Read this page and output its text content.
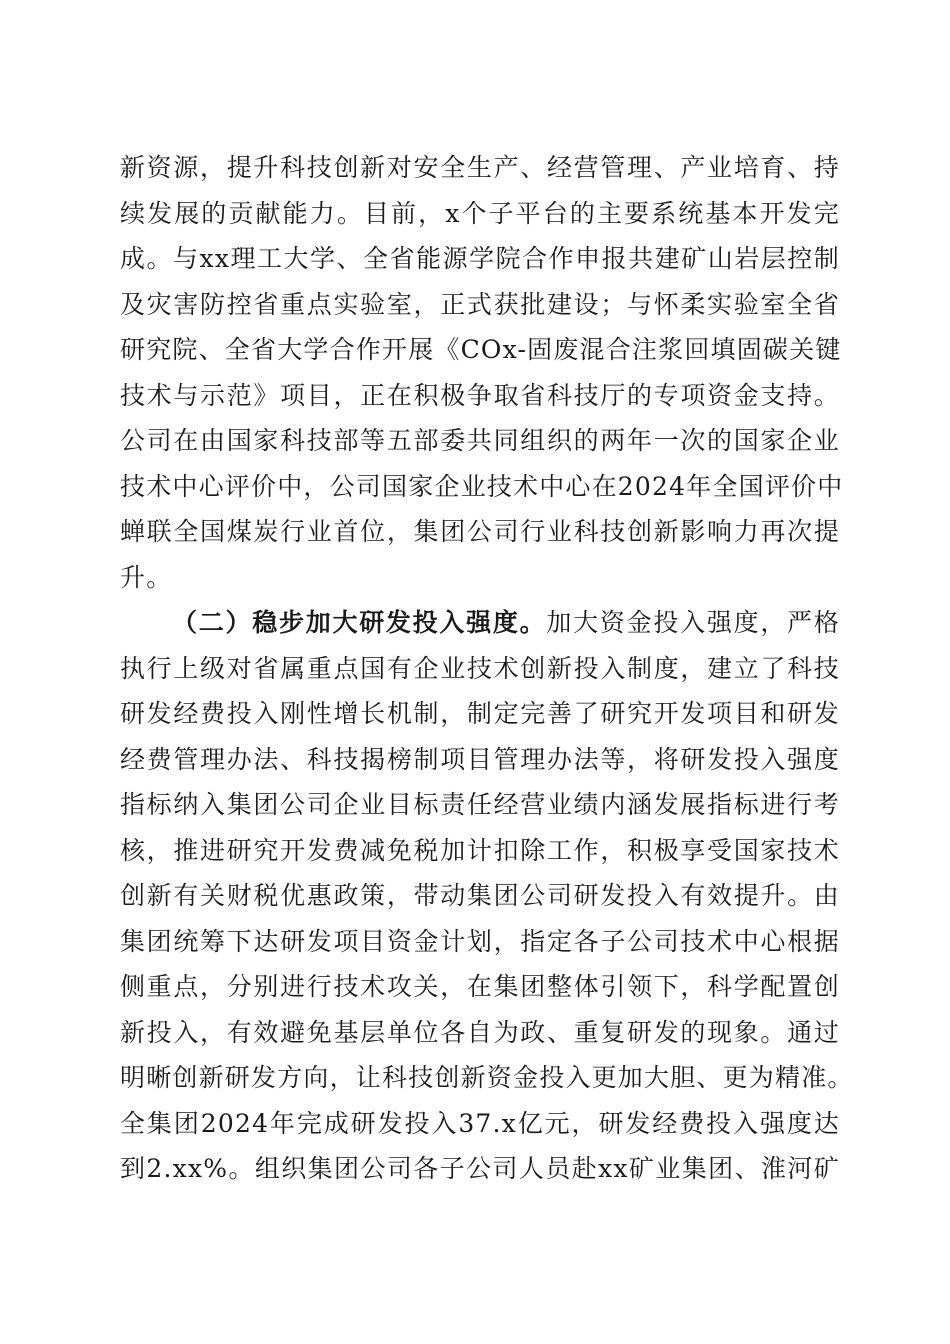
新资源，提升科技创新对安全生产、经营管理、产业培育、持
续发展的贡献能力。目前，x个子平台的主要系统基本开发完
成。与xx理工大学、全省能源学院合作申报共建矿山岩层控制
及灾害防控省重点实验室，正式获批建设；与怀柔实验室全省
研究院、全省大学合作开展《COx-固废混合注浆回填固碳关键
技术与示范》项目，正在积极争取省科技厅的专项资金支持。
公司在由国家科技部等五部委共同组织的两年一次的国家企业
技术中心评价中，公司国家企业技术中心在2024年全国评价中
蝉联全国煤炭行业首位，集团公司行业科技创新影响力再次提
升。
（二）稳步加大研发投入强度。加大资金投入强度，严格
执行上级对省属重点国有企业技术创新投入制度，建立了科技
研发经费投入刚性增长机制，制定完善了研究开发项目和研发
经费管理办法、科技揭榜制项目管理办法等，将研发投入强度
指标纳入集团公司企业目标责任经营业绩内涵发展指标进行考
核，推进研究开发费减免税加计扣除工作，积极享受国家技术
创新有关财税优惠政策，带动集团公司研发投入有效提升。由
集团统筹下达研发项目资金计划，指定各子公司技术中心根据
侧重点，分别进行技术攻关，在集团整体引领下，科学配置创
新投入，有效避免基层单位各自为政、重复研发的现象。通过
明晰创新研发方向，让科技创新资金投入更加大胆、更为精准。
全集团2024年完成研发投入37.x亿元，研发经费投入强度达
到2.xx%。组织集团公司各子公司人员赴xx矿业集团、淮河矿
